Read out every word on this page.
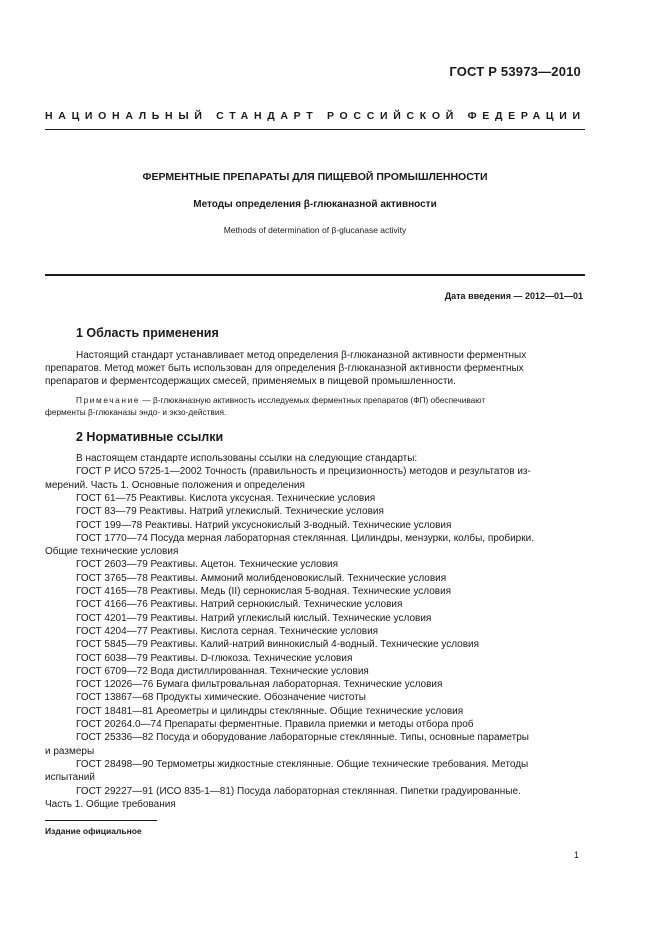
ГОСТ Р 53973—2010
НАЦИОНАЛЬНЫЙ СТАНДАРТ РОССИЙСКОЙ ФЕДЕРАЦИИ
ФЕРМЕНТНЫЕ ПРЕПАРАТЫ ДЛЯ ПИЩЕВОЙ ПРОМЫШЛЕННОСТИ
Методы определения β-глюканазной активности
Methods of determination of β-glucanase activity
Дата введения — 2012—01—01
1 Область применения
Настоящий стандарт устанавливает метод определения β-глюканазной активности ферментных
препаратов. Метод может быть использован для определения β-глюканазной активности ферментных
препаратов и ферментсодержащих смесей, применяемых в пищевой промышленности.
Примечание — β-глюканазную активность исследуемых ферментных препаратов (ФП) обеспечивают
ферменты β-глюканазы эндо- и экзо-действия.
2 Нормативные ссылки
В настоящем стандарте использованы ссылки на следующие стандарты:
ГОСТ Р ИСО 5725-1—2002 Точность (правильность и прецизионность) методов и результатов из-
мерений. Часть 1. Основные положения и определения
ГОСТ 61—75 Реактивы. Кислота уксусная. Технические условия
ГОСТ 83—79 Реактивы. Натрий углекислый. Технические условия
ГОСТ 199—78 Реактивы. Натрий уксуснокислый 3-водный. Технические условия
ГОСТ 1770—74 Посуда мерная лабораторная стеклянная. Цилиндры, мензурки, колбы, пробирки.
Общие технические условия
ГОСТ 2603—79 Реактивы. Ацетон. Технические условия
ГОСТ 3765—78 Реактивы. Аммоний молибденовокислый. Технические условия
ГОСТ 4165—78 Реактивы. Медь (II) сернокислая 5-водная. Технические условия
ГОСТ 4166—76 Реактивы. Натрий сернокислый. Технические условия
ГОСТ 4201—79 Реактивы. Натрий углекислый кислый. Технические условия
ГОСТ 4204—77 Реактивы. Кислота серная. Технические условия
ГОСТ 5845—79 Реактивы. Калий-натрий виннокислый 4-водный. Технические условия
ГОСТ 6038—79 Реактивы. D-глюкоза. Технические условия
ГОСТ 6709—72 Вода дистиллированная. Технические условия
ГОСТ 12026—76 Бумага фильтровальная лабораторная. Технические условия
ГОСТ 13867—68 Продукты химические. Обозначение чистоты
ГОСТ 18481—81 Ареометры и цилиндры стеклянные. Общие технические условия
ГОСТ 20264.0—74 Препараты ферментные. Правила приемки и методы отбора проб
ГОСТ 25336—82 Посуда и оборудование лабораторные стеклянные. Типы, основные параметры
и размеры
ГОСТ 28498—90 Термометры жидкостные стеклянные. Общие технические требования. Методы
испытаний
ГОСТ 29227—91 (ИСО 835-1—81) Посуда лабораторная стеклянная. Пипетки градуированные.
Часть 1. Общие требования
Издание официальное
1
